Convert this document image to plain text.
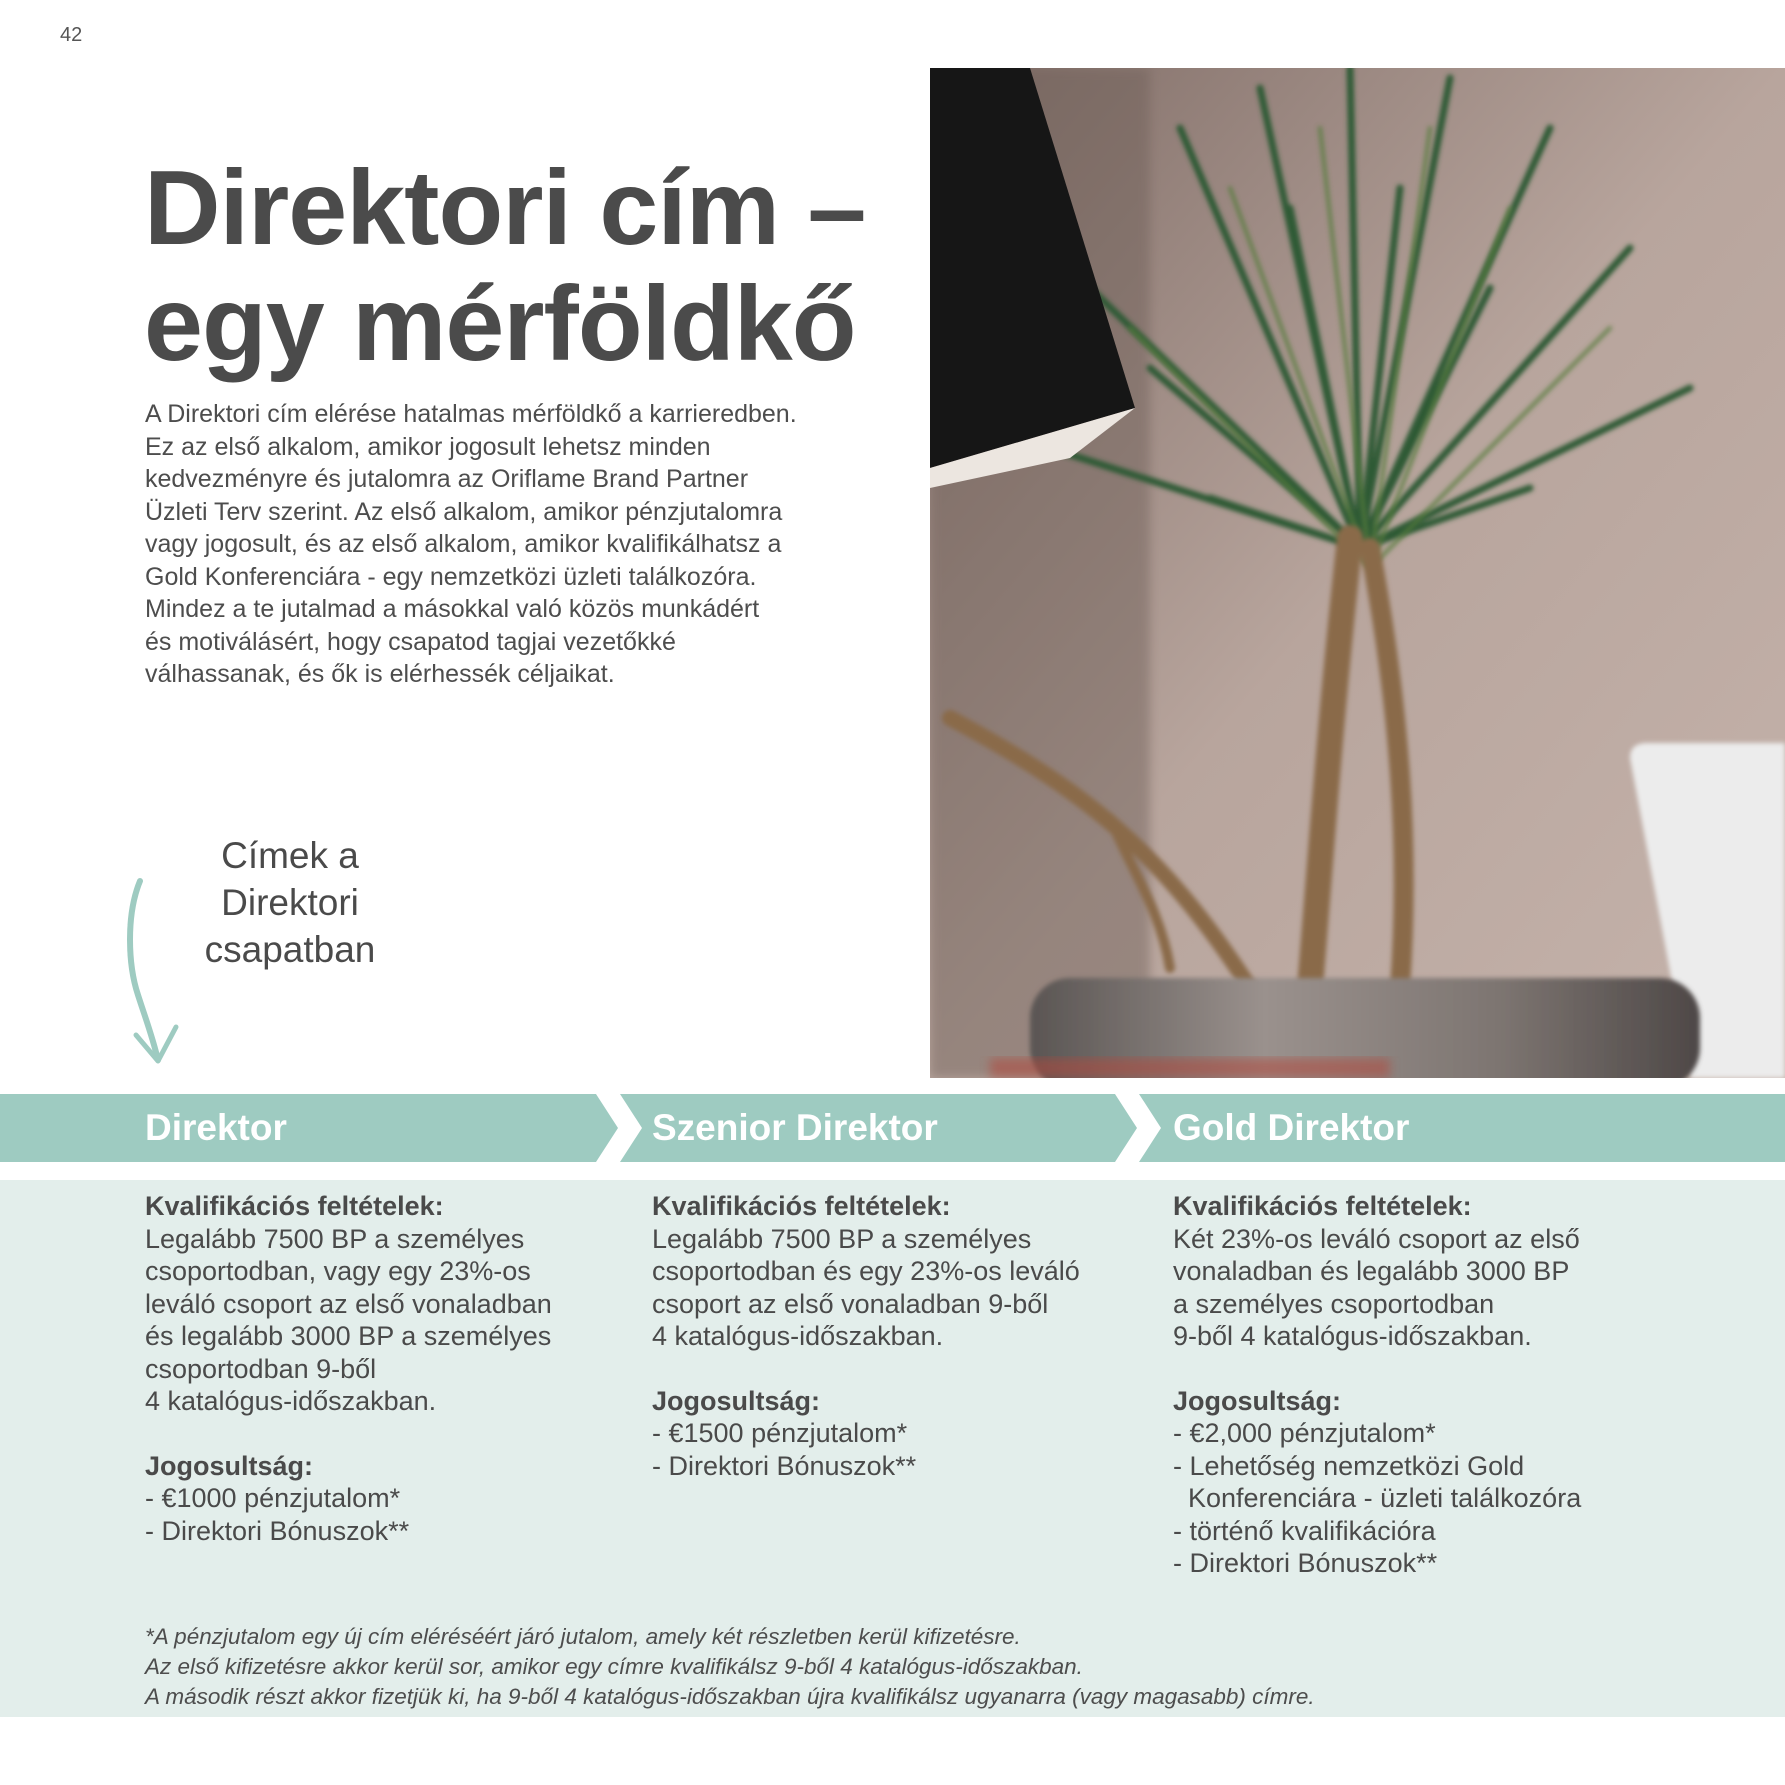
42
Direktori cím –
egy mérföldkő
A Direktori cím elérése hatalmas mérföldkő a karrieredben.
Ez az első alkalom, amikor jogosult lehetsz minden
kedvezményre és jutalomra az Oriflame Brand Partner
Üzleti Terv szerint. Az első alkalom, amikor pénzjutalomra
vagy jogosult, és az első alkalom, amikor kvalifikálhatsz a
Gold Konferenciára - egy nemzetközi üzleti találkozóra.
Mindez a te jutalmad a másokkal való közös munkádért
és motiválásért, hogy csapatod tagjai vezetőkké
válhassanak, és ők is elérhessék céljaikat.
Címek a
Direktori
csapatban
Direktor	Szenior Direktor	Gold Direktor
Kvalifikációs feltételek:
Legalább 7500 BP a személyes
csoportodban, vagy egy 23%-os
leváló csoport az első vonaladban
és legalább 3000 BP a személyes
csoportodban 9-ből
4 katalógus-időszakban.
Jogosultság:
- €1000 pénzjutalom*
- Direktori Bónuszok**
Kvalifikációs feltételek:
Legalább 7500 BP a személyes
csoportodban és egy 23%-os leváló
csoport az első vonaladban 9-ből
4 katalógus-időszakban.
Jogosultság:
- €1500 pénzjutalom*
- Direktori Bónuszok**
Kvalifikációs feltételek:
Két 23%-os leváló csoport az első
vonaladban és legalább 3000 BP
a személyes csoportodban
9-ből 4 katalógus-időszakban.
Jogosultság:
- €2,000 pénzjutalom*
- Lehetőség nemzetközi Gold
Konferenciára - üzleti találkozóra
- történő kvalifikációra
- Direktori Bónuszok**
*A pénzjutalom egy új cím eléréséért járó jutalom, amely két részletben kerül kifizetésre.
Az első kifizetésre akkor kerül sor, amikor egy címre kvalifikálsz 9-ből 4 katalógus-időszakban.
A második részt akkor fizetjük ki, ha 9-ből 4 katalógus-időszakban újra kvalifikálsz ugyanarra (vagy magasabb) címre.
